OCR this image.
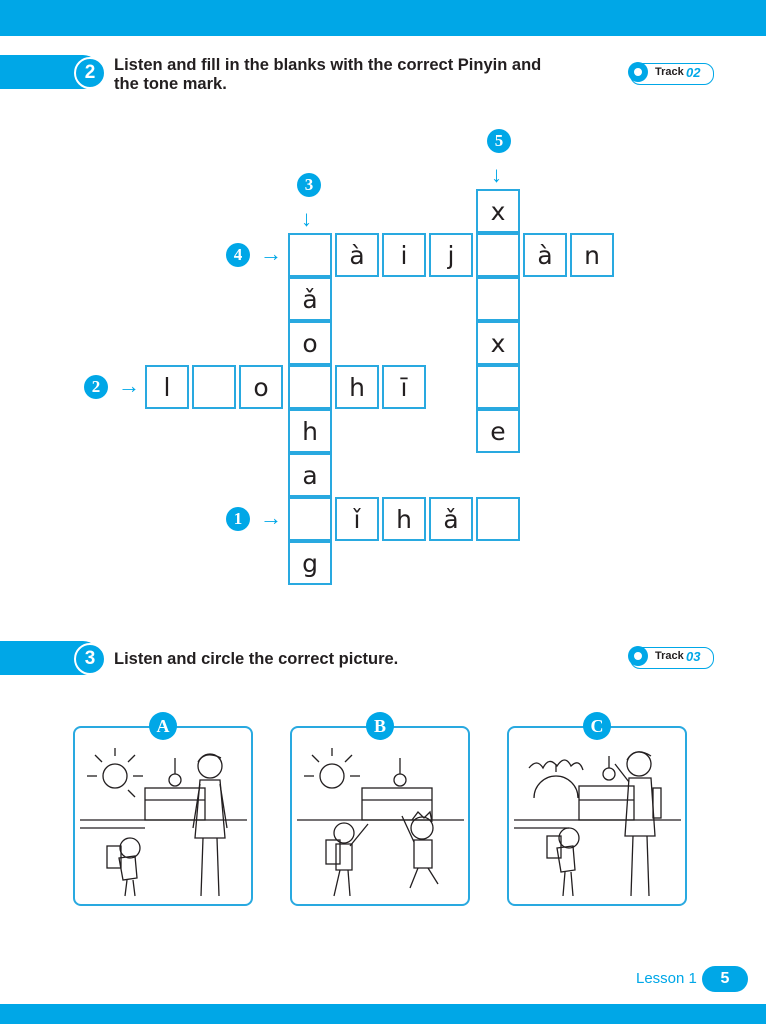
2	Listen and fill in the blanks with the correct Pinyin and
the tone mark.
Track 02
5
↓
3
↓
4 →
2 →
1 →
x
x
e
à	i	j	à	n
ǎ
o
h
a
g
l	o	h	ī
ǐ	h	ǎ
3	Listen and circle the correct picture.	Track 03
A	B	C
Lesson 1	5
